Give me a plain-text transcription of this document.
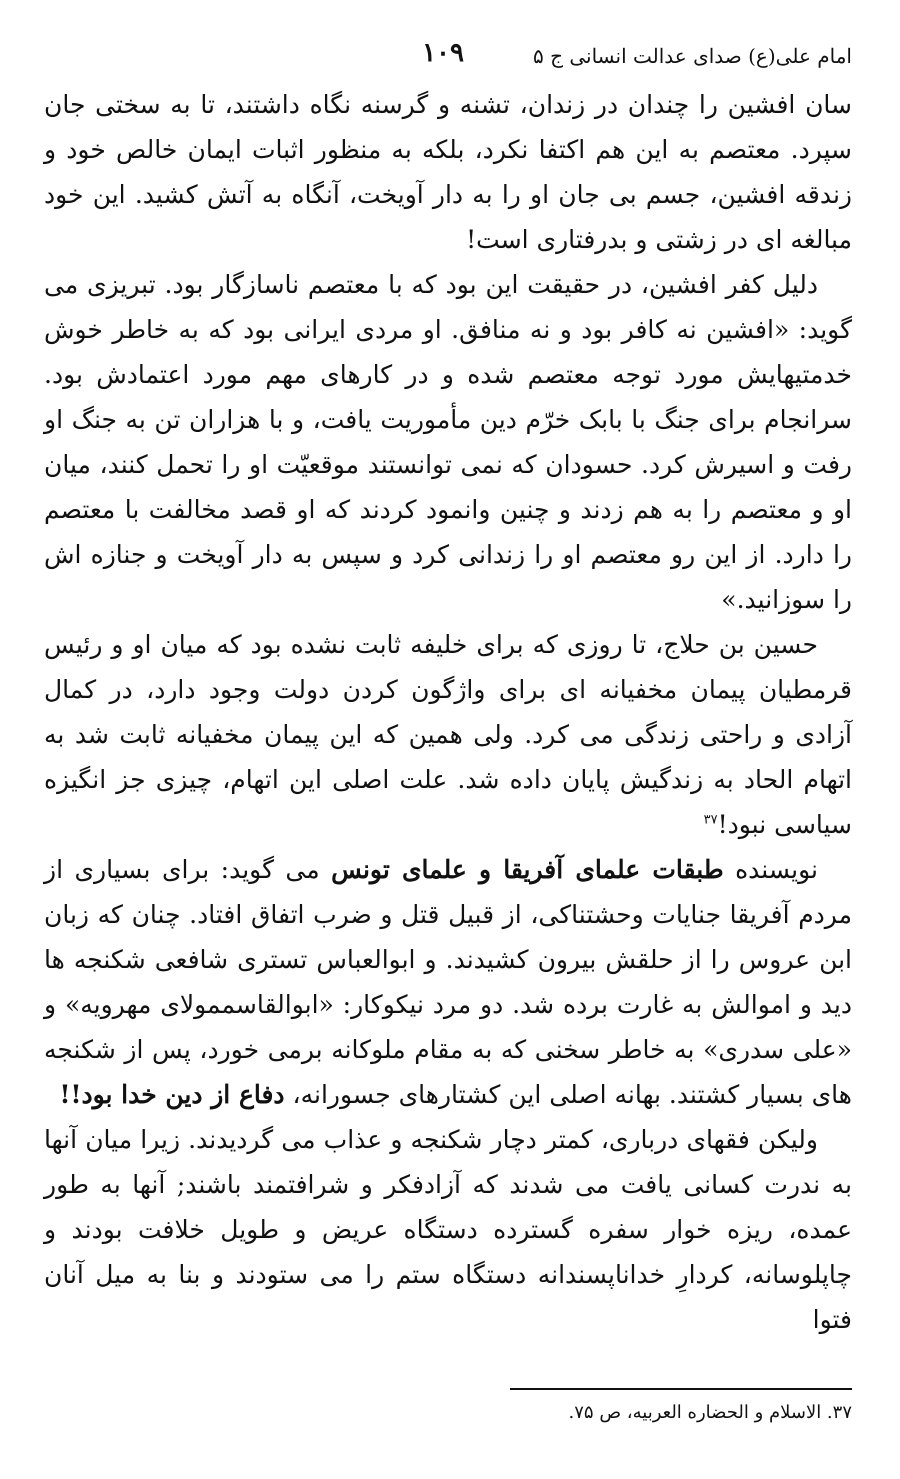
امام علی(ع) صدای عدالت انسانی ج ۵
۱۰۹

سان افشین را چندان در زندان، تشنه و گرسنه نگاه داشتند، تا به سختی جان سپرد. معتصم به این هم اکتفا نکرد، بلکه به منظور اثبات ایمان خالص خود و زندقه افشین، جسم بی جان او را به دار آویخت، آنگاه به آتش کشید. این خود مبالغه ای در زشتی و بدرفتاری است!

دلیل کفر افشین، در حقیقت این بود که با معتصم ناسازگار بود. تبریزی می گوید: «افشین نه کافر بود و نه منافق. او مردی ایرانی بود که به خاطر خوش خدمتیهایش مورد توجه معتصم شده و در کارهای مهم مورد اعتمادش بود. سرانجام برای جنگ با بابک خرّم دین مأموریت یافت، و با هزاران تن به جنگ او رفت و اسیرش کرد. حسودان که نمی توانستند موقعیّت او را تحمل کنند، میان او و معتصم را به هم زدند و چنین وانمود کردند که او قصد مخالفت با معتصم را دارد. از این رو معتصم او را زندانی کرد و سپس به دار آویخت و جنازه اش را سوزانید.»

حسین بن حلاج، تا روزی که برای خلیفه ثابت نشده بود که میان او و رئیس قرمطیان پیمان مخفیانه ای برای واژگون کردن دولت وجود دارد، در کمال آزادی و راحتی زندگی می کرد. ولی همین که این پیمان مخفیانه ثابت شد به اتهام الحاد به زندگیش پایان داده شد. علت اصلی این اتهام، چیزی جز انگیزه سیاسی نبود!$^{۳۷}$

نویسنده طبقات علمای آفریقا و علمای تونس می گوید: برای بسیاری از مردم آفریقا جنایات وحشتناکی، از قبیل قتل و ضرب اتفاق افتاد. چنان که زبان ابن عروس را از حلقش بیرون کشیدند. و ابوالعباس تستری شافعی شکنجه ها دید و اموالش به غارت برده شد. دو مرد نیکوکار: «ابوالقاسممولای مهرویه» و «علی سدری» به خاطر سخنی که به مقام ملوکانه برمی خورد، پس از شکنجه های بسیار کشتند. بهانه اصلی این کشتارهای جسورانه، دفاع از دین خدا بود!!

ولیکن فقهای درباری، کمتر دچار شکنجه و عذاب می گردیدند. زیرا میان آنها به ندرت کسانی یافت می شدند که آزادفکر و شرافتمند باشند; آنها به طور عمده، ریزه خوار سفره گسترده دستگاه عریض و طویل خلافت بودند و چاپلوسانه، کردارِ خداناپسندانه دستگاه ستم را می ستودند و بنا به میل آنان فتوا

۳۷. الاسلام و الحضاره العربیه، ص ۷۵.
